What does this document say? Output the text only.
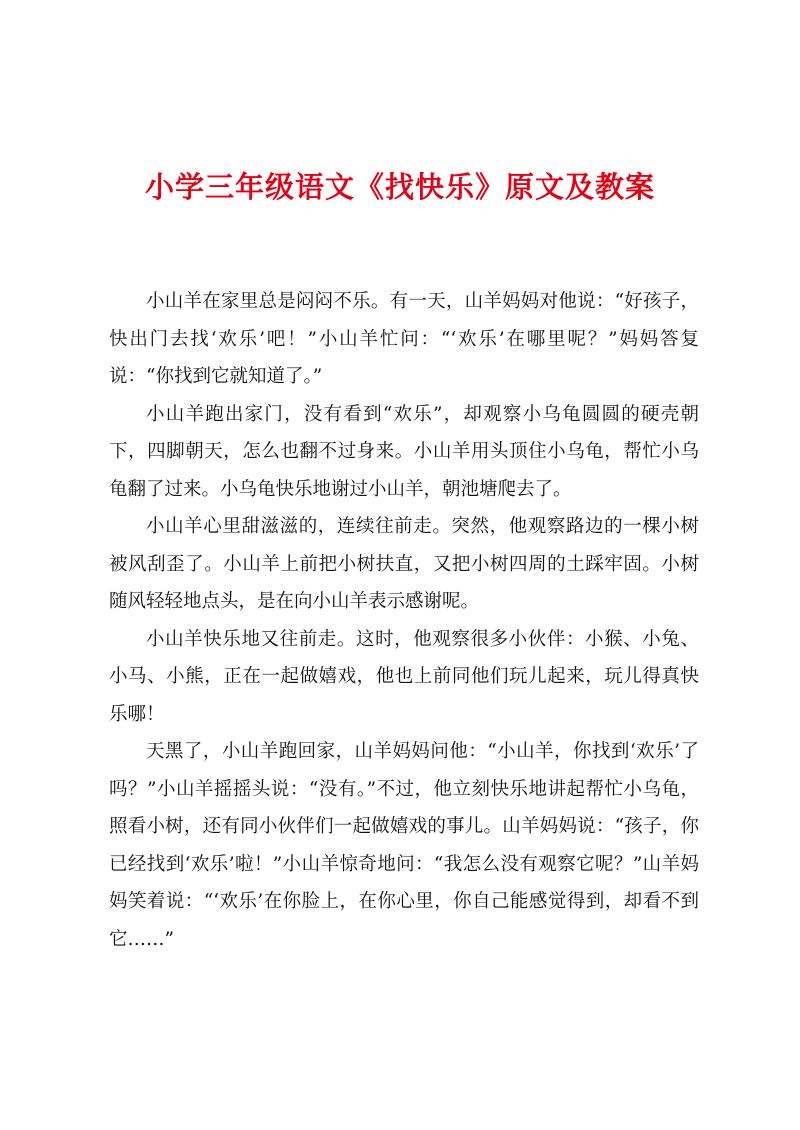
小学三年级语文《找快乐》原文及教案

小山羊在家里总是闷闷不乐。有一天，山羊妈妈对他说：“好孩子，快出门去找‘欢乐’吧！”小山羊忙问：“‘欢乐’在哪里呢？”妈妈答复说：“你找到它就知道了。”

小山羊跑出家门，没有看到“欢乐”，却观察小乌龟圆圆的硬壳朝下，四脚朝天，怎么也翻不过身来。小山羊用头顶住小乌龟，帮忙小乌龟翻了过来。小乌龟快乐地谢过小山羊，朝池塘爬去了。

小山羊心里甜滋滋的，连续往前走。突然，他观察路边的一棵小树被风刮歪了。小山羊上前把小树扶直，又把小树四周的土踩牢固。小树随风轻轻地点头，是在向小山羊表示感谢呢。

小山羊快乐地又往前走。这时，他观察很多小伙伴：小猴、小兔、小马、小熊，正在一起做嬉戏，他也上前同他们玩儿起来，玩儿得真快乐哪！

天黑了，小山羊跑回家，山羊妈妈问他：“小山羊，你找到‘欢乐’了吗？”小山羊摇摇头说：“没有。”不过，他立刻快乐地讲起帮忙小乌龟，照看小树，还有同小伙伴们一起做嬉戏的事儿。山羊妈妈说：“孩子，你已经找到‘欢乐’啦！”小山羊惊奇地问：“我怎么没有观察它呢？”山羊妈妈笑着说：“‘欢乐’在你脸上，在你心里，你自己能感觉得到，却看不到它……”
